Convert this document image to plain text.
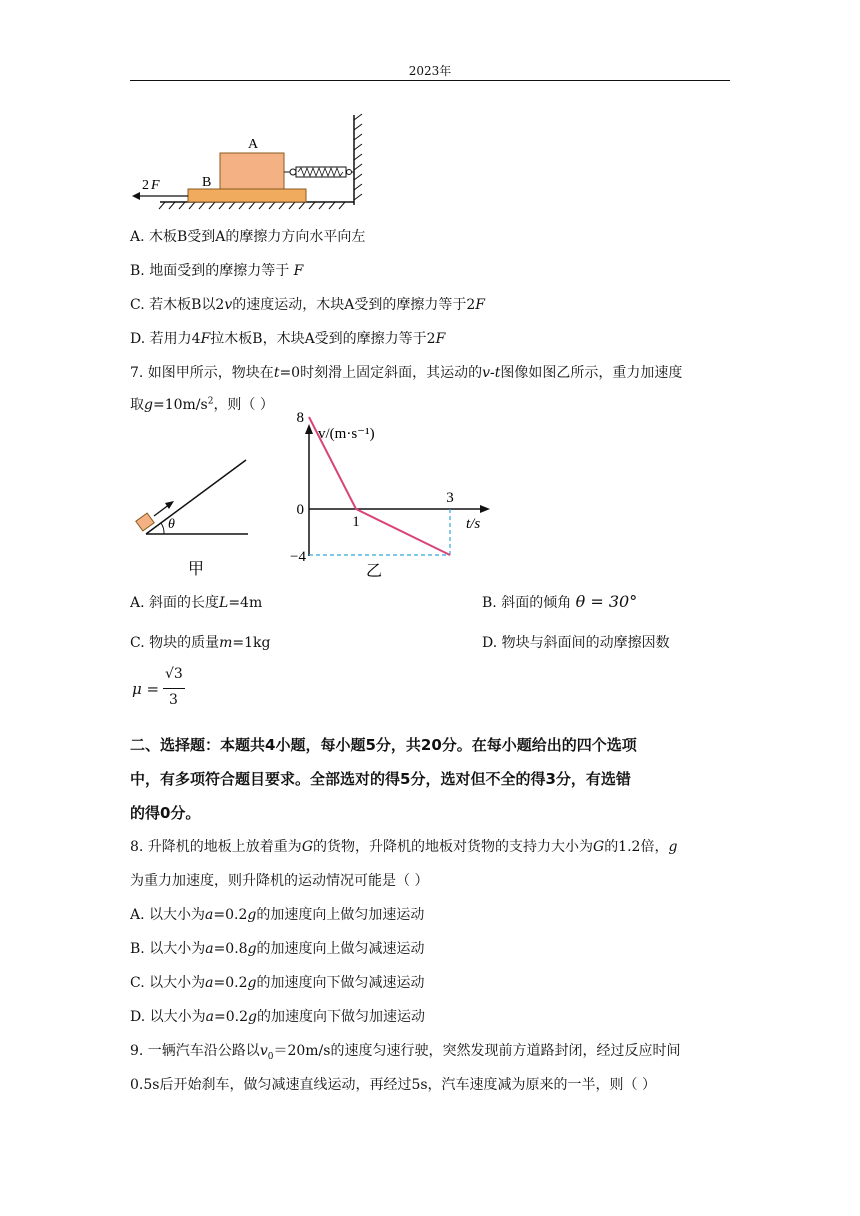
2023年
A
B
2 F
A. 木板B受到A的摩擦力方向水平向左
B. 地面受到的摩擦力等于 F
C. 若木板B以2v的速度运动，木块A受到的摩擦力等于2F
D. 若用力4F拉木板B，木块A受到的摩擦力等于2F
7. 如图甲所示，物块在t=0时刻滑上固定斜面，其运动的v-t图像如图乙所示，重力加速度
取$g=10m/s^2$，则（ ）
θ
甲
v/(m·s⁻¹)
t/s
8
0
−4
1
3
乙
A. 斜面的长度L=4m	B. 斜面的倾角 θ = 30°
C. 物块的质量m=1kg	D. 物块与斜面间的动摩擦因数
μ =
√3
3
二、选择题：本题共4小题，每小题5分，共20分。在每小题给出的四个选项
中，有多项符合题目要求。全部选对的得5分，选对但不全的得3分，有选错
的得0分。
8. 升降机的地板上放着重为G的货物，升降机的地板对货物的支持力大小为G的1.2倍，g
为重力加速度，则升降机的运动情况可能是（ ）
A. 以大小为a=0.2g的加速度向上做匀加速运动
B. 以大小为a=0.8g的加速度向上做匀减速运动
C. 以大小为a=0.2g的加速度向下做匀减速运动
D. 以大小为a=0.2g的加速度向下做匀加速运动
9. 一辆汽车沿公路以$v_0=20m/s$的速度匀速行驶，突然发现前方道路封闭，经过反应时间
0.5s后开始刹车，做匀减速直线运动，再经过5s，汽车速度减为原来的一半，则（ ）
